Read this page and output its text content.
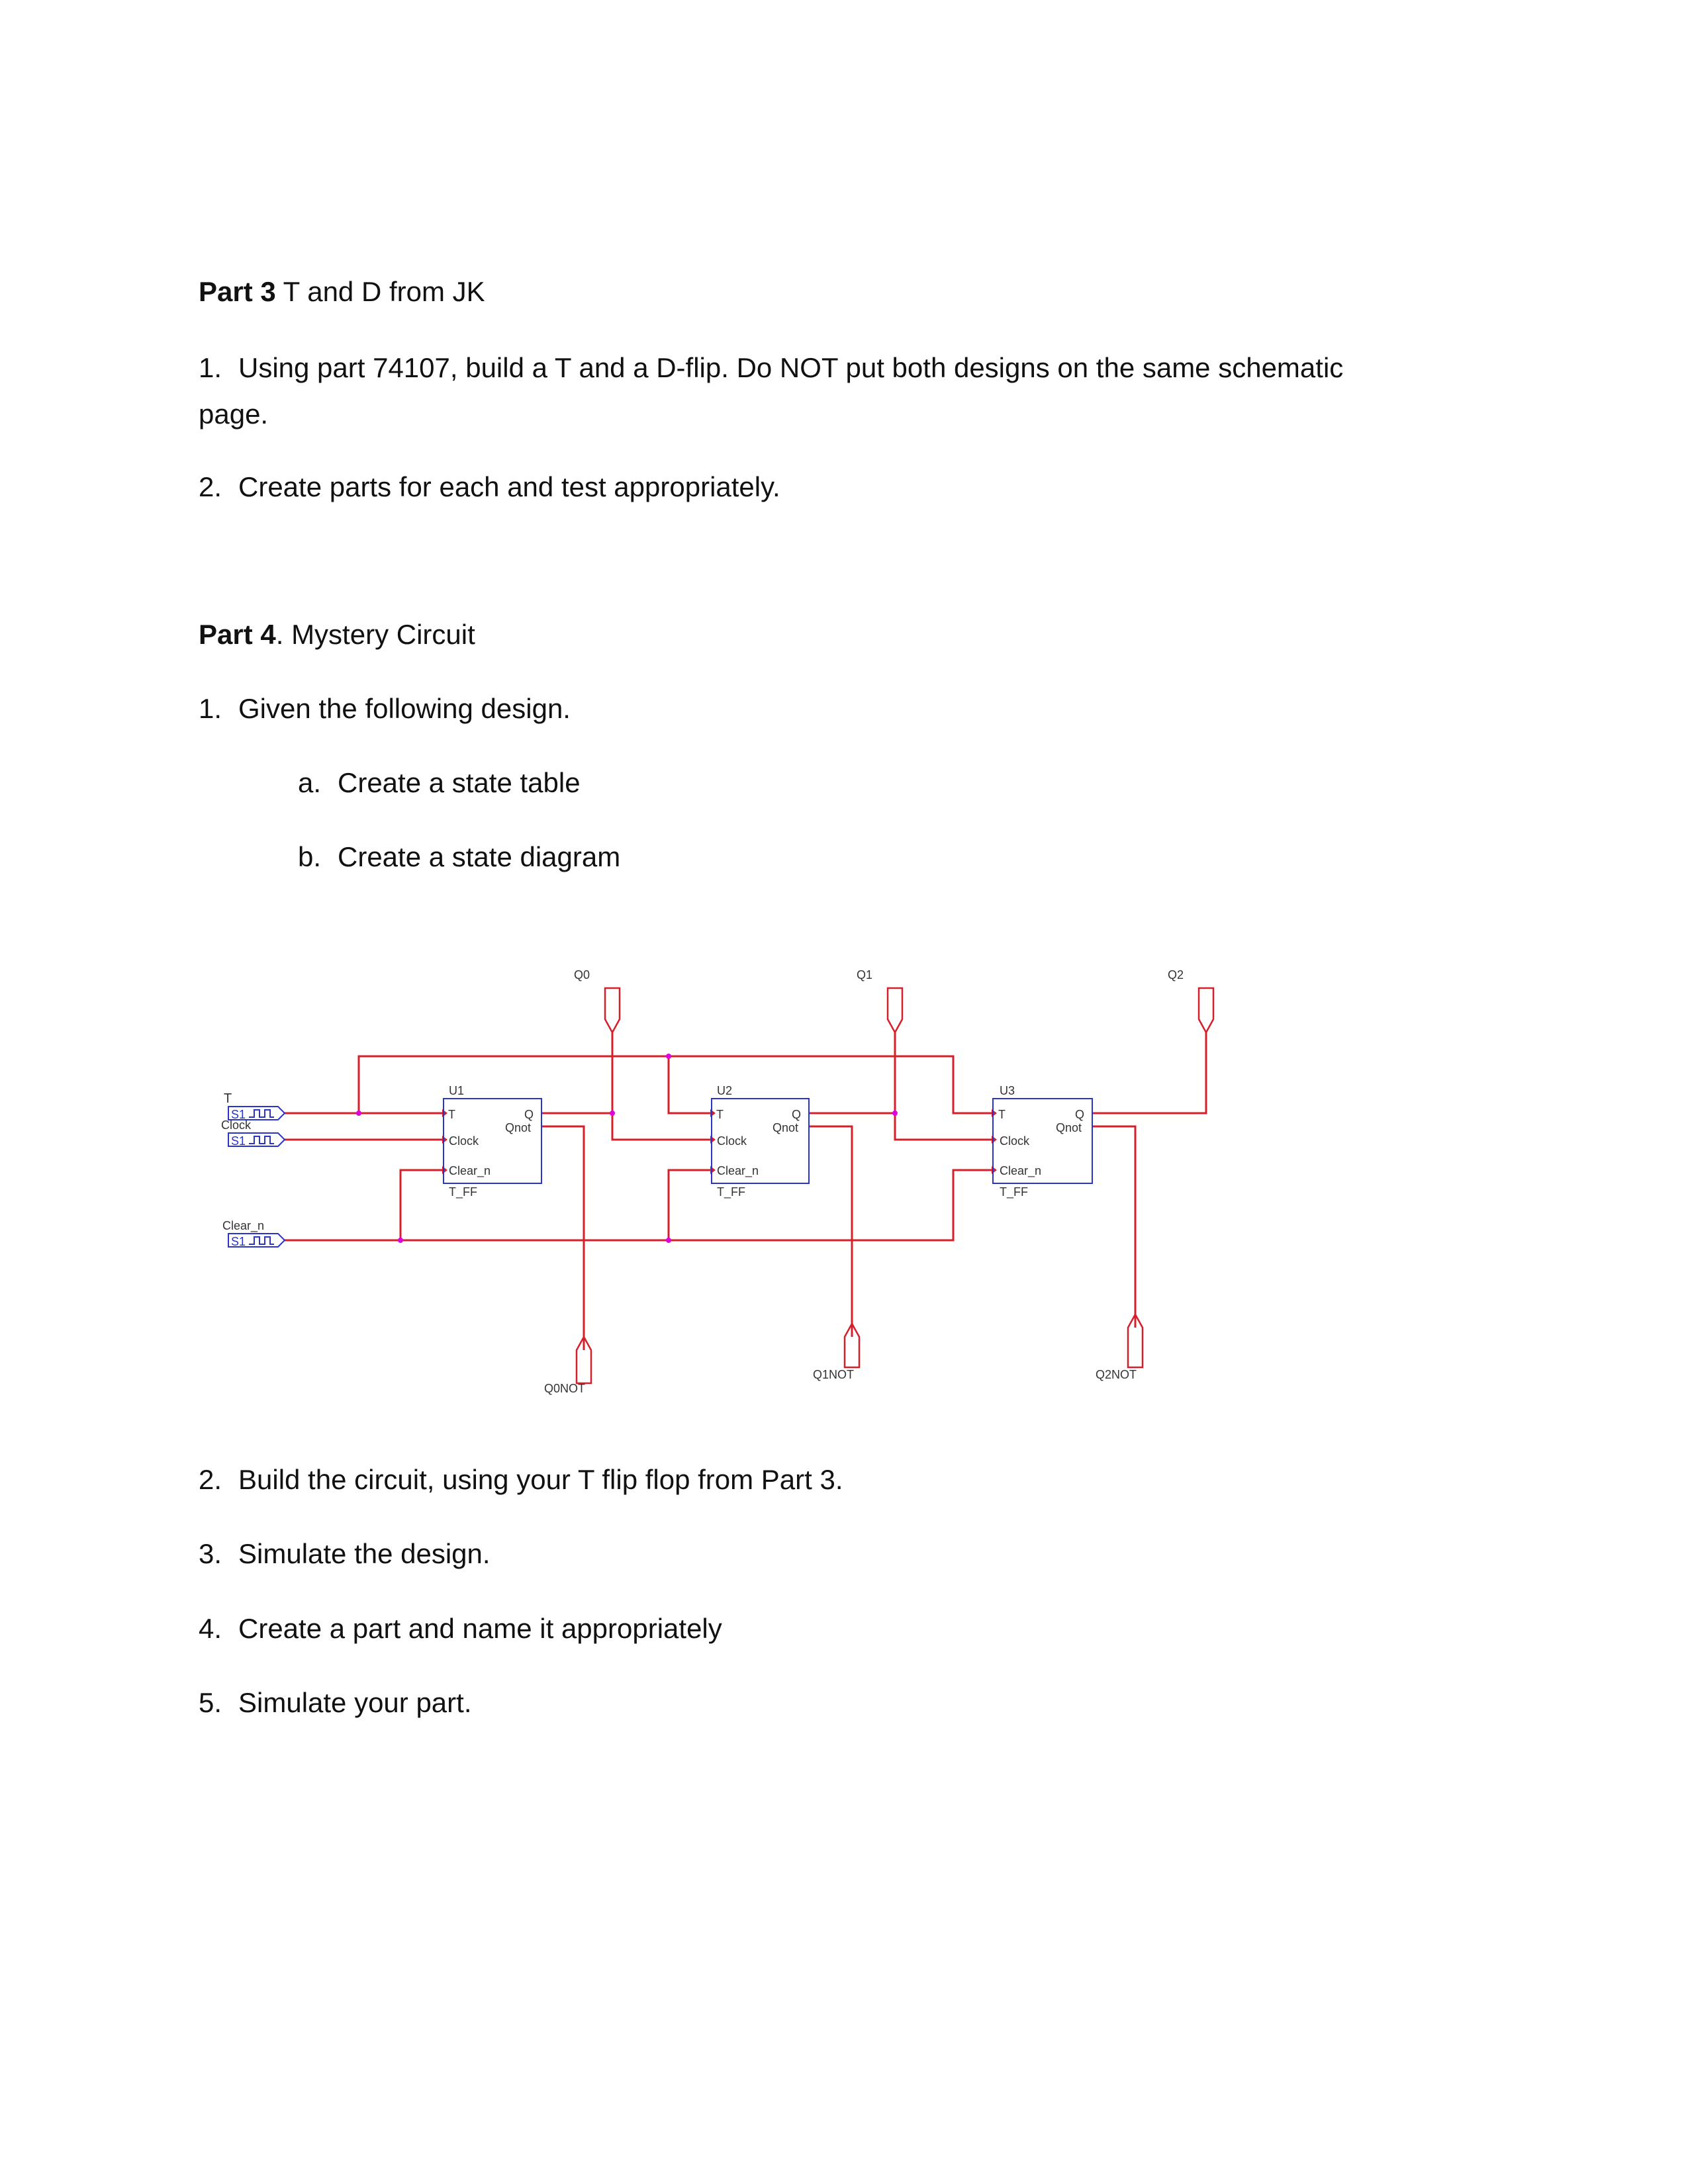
Part 3 T and D from JK
1. Using part 74107, build a T and a D-flip. Do NOT put both designs on the same schematic
page.
2. Create parts for each and test appropriately.
Part 4. Mystery Circuit
1. Given the following design.
a. Create a state table
b. Create a state diagram
T
S1
Clock
S1
Clear_n
S1
U1
T	Q
Qnot
Clock
Clear_n
T_FF
U2
T	Q
Qnot
Clock
Clear_n
T_FF
U3
T	Q
Qnot
Clock
Clear_n
T_FF
Q0	Q1	Q2
Q0NOT
Q1NOT	Q2NOT
2. Build the circuit, using your T flip flop from Part 3.
3. Simulate the design.
4. Create a part and name it appropriately
5. Simulate your part.
